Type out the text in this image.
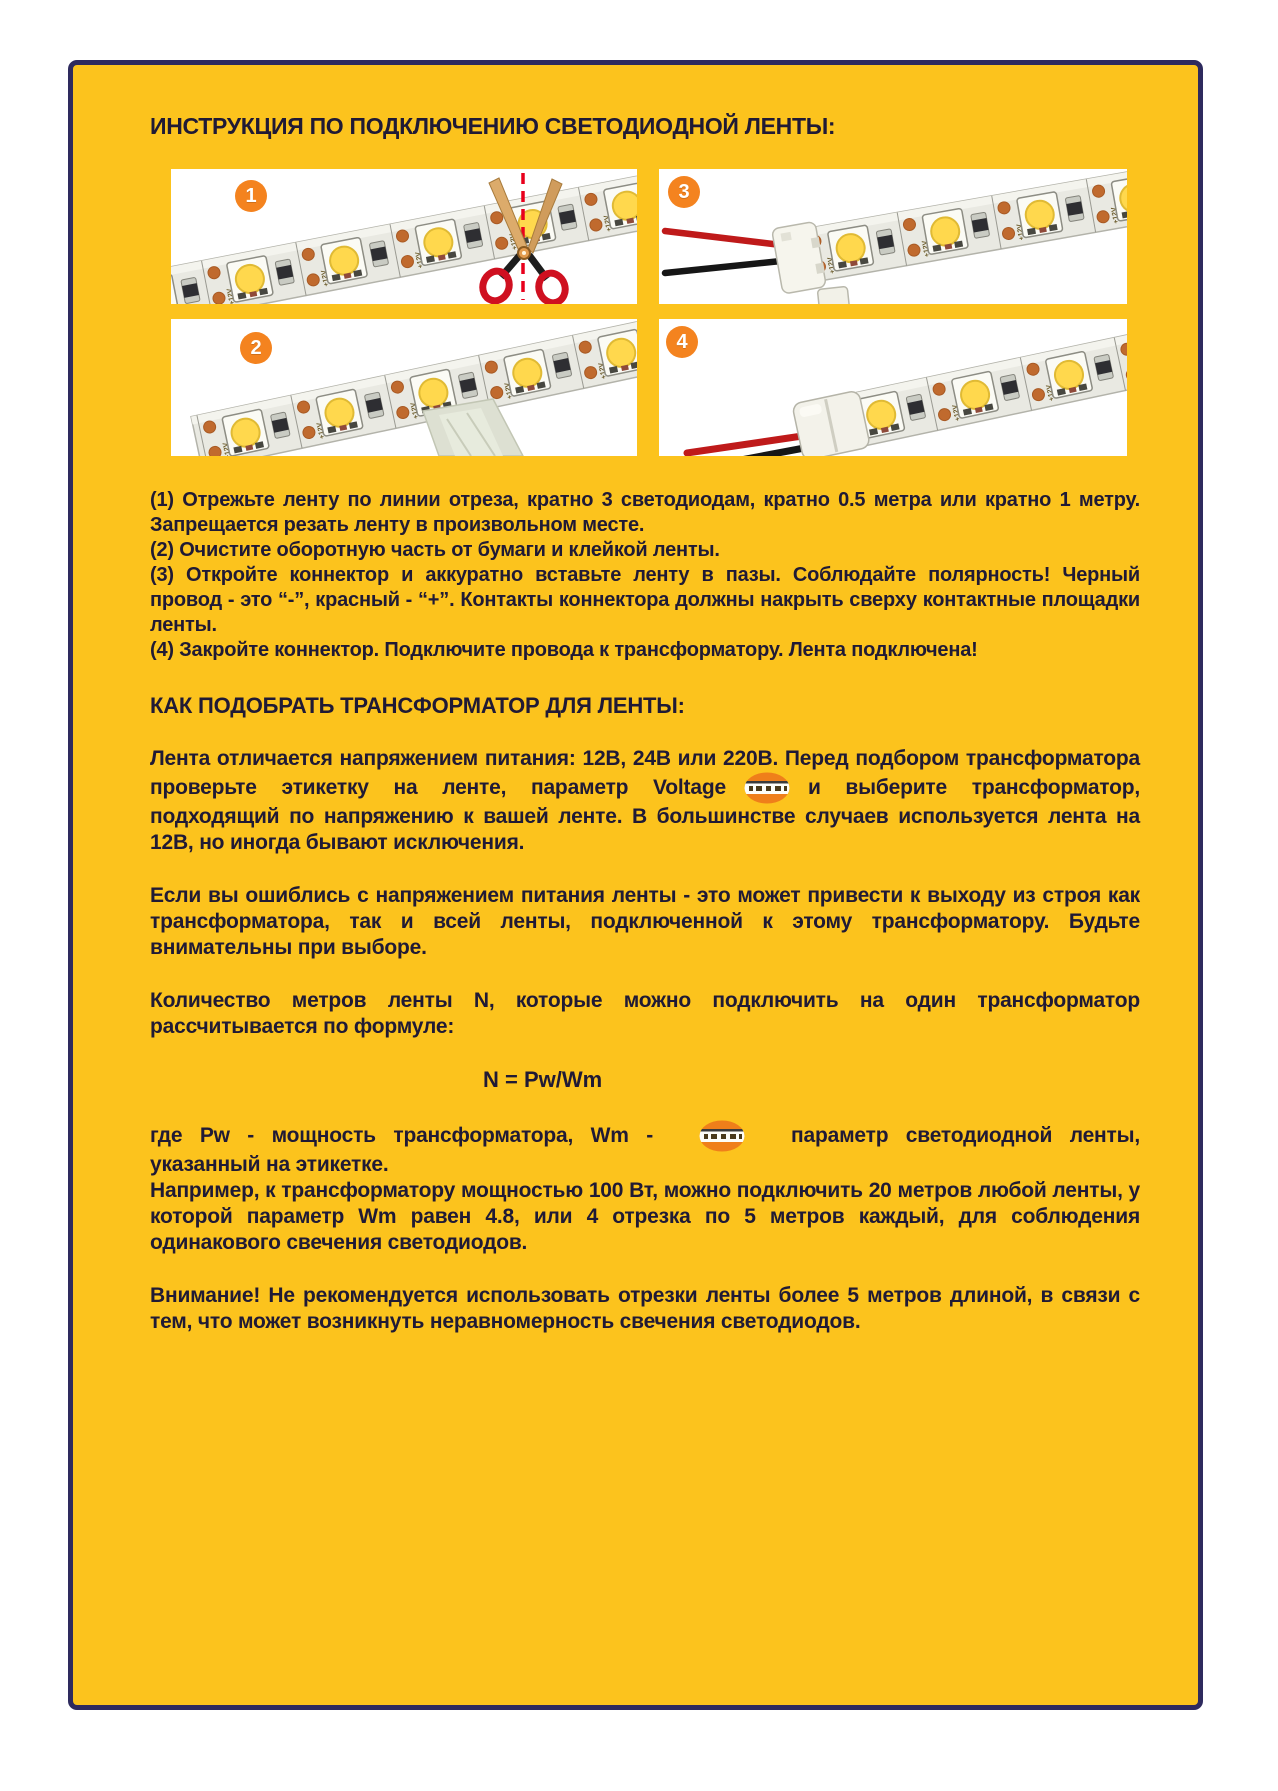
ИНСТРУКЦИЯ ПО ПОДКЛЮЧЕНИЮ СВЕТОДИОДНОЙ ЛЕНТЫ:
1	3
2	4
(1) Отрежьте ленту по линии отреза, кратно 3 светодиодам, кратно 0.5 метра или кратно 1 метру. Запрещается резать ленту в произвольном месте.
(2) Очистите оборотную часть от бумаги и клейкой ленты.
(3) Откройте коннектор и аккуратно вставьте ленту в пазы. Соблюдайте полярность! Черный провод - это “-”, красный - “+”. Контакты коннектора должны накрыть сверху контактные площадки ленты.
(4) Закройте коннектор. Подключите провода к трансформатору. Лента подключена!
КАК ПОДОБРАТЬ ТРАНСФОРМАТОР ДЛЯ ЛЕНТЫ:
Лента отличается напряжением питания: 12В, 24В или 220В. Перед подбором трансформатора проверьте этикетку на ленте, параметр Voltage	и выберите трансформатор, подходящий по напряжению к вашей ленте. В большинстве случаев используется лента на 12В, но иногда бывают исключения.
Если вы ошиблись с напряжением питания ленты - это может привести к выходу из строя как трансформатора, так и всей ленты, подключенной к этому трансформатору. Будьте внимательны при выборе.
Количество метров ленты N, которые можно подключить на один трансформатор рассчитывается по формуле:
N = Pw/Wm
где Pw - мощность трансформатора, Wm -	параметр светодиодной ленты, указанный на этикетке.
Например, к трансформатору мощностью 100 Вт, можно подключить 20 метров любой ленты, у которой параметр Wm равен 4.8, или 4 отрезка по 5 метров каждый, для соблюдения одинакового свечения светодиодов.
Внимание! Не рекомендуется использовать отрезки ленты более 5 метров длиной, в связи с тем, что может возникнуть неравномерность свечения светодиодов.
